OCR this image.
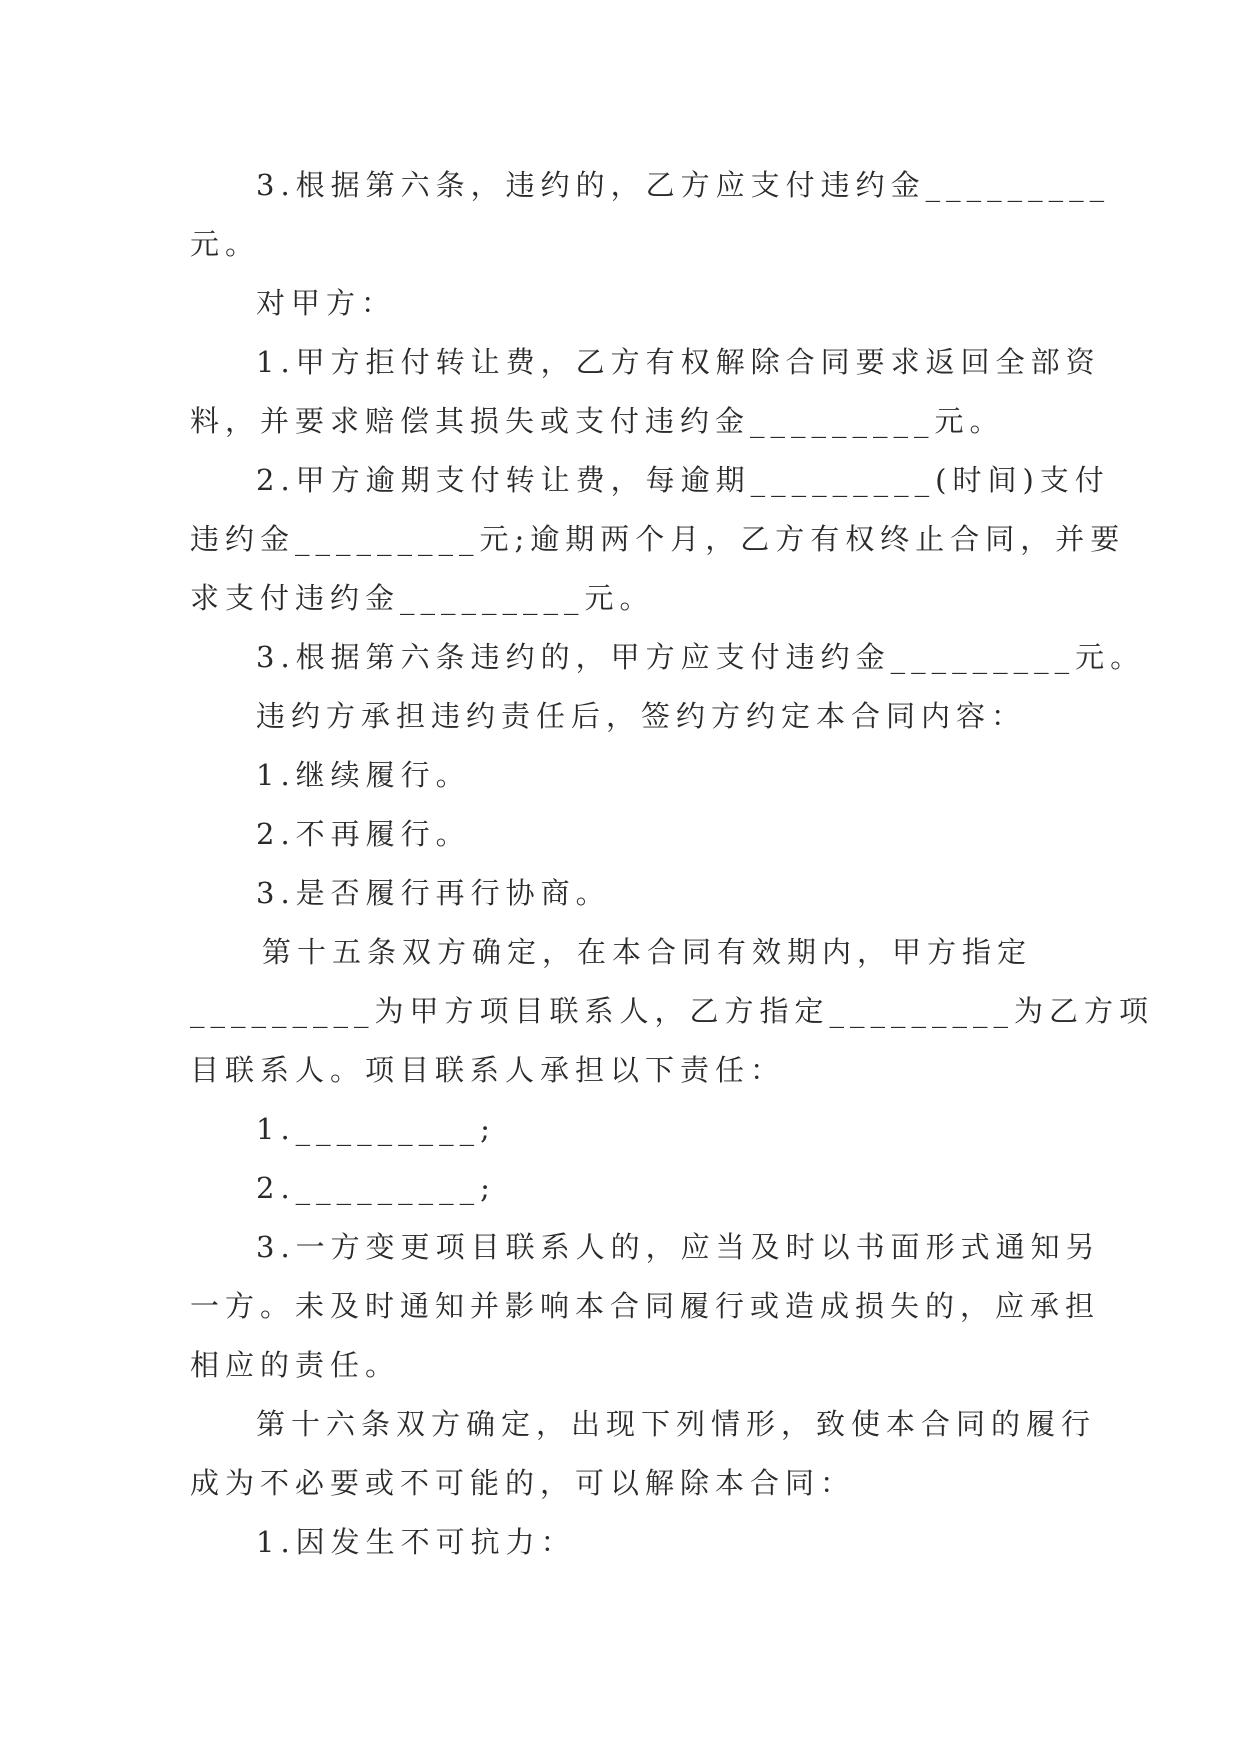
3.根据第六条，违约的，乙方应支付违约金_________
元。
对甲方：
1.甲方拒付转让费，乙方有权解除合同要求返回全部资
料，并要求赔偿其损失或支付违约金_________元。
2.甲方逾期支付转让费，每逾期_________(时间)支付
违约金_________元;逾期两个月，乙方有权终止合同，并要
求支付违约金_________元。
3.根据第六条违约的，甲方应支付违约金_________元。
违约方承担违约责任后，签约方约定本合同内容：
1.继续履行。
2.不再履行。
3.是否履行再行协商。
第十五条双方确定，在本合同有效期内，甲方指定
_________为甲方项目联系人，乙方指定_________为乙方项
目联系人。项目联系人承担以下责任：
1._________;
2._________;
3.一方变更项目联系人的，应当及时以书面形式通知另
一方。未及时通知并影响本合同履行或造成损失的，应承担
相应的责任。
第十六条双方确定，出现下列情形，致使本合同的履行
成为不必要或不可能的，可以解除本合同：
1.因发生不可抗力：
